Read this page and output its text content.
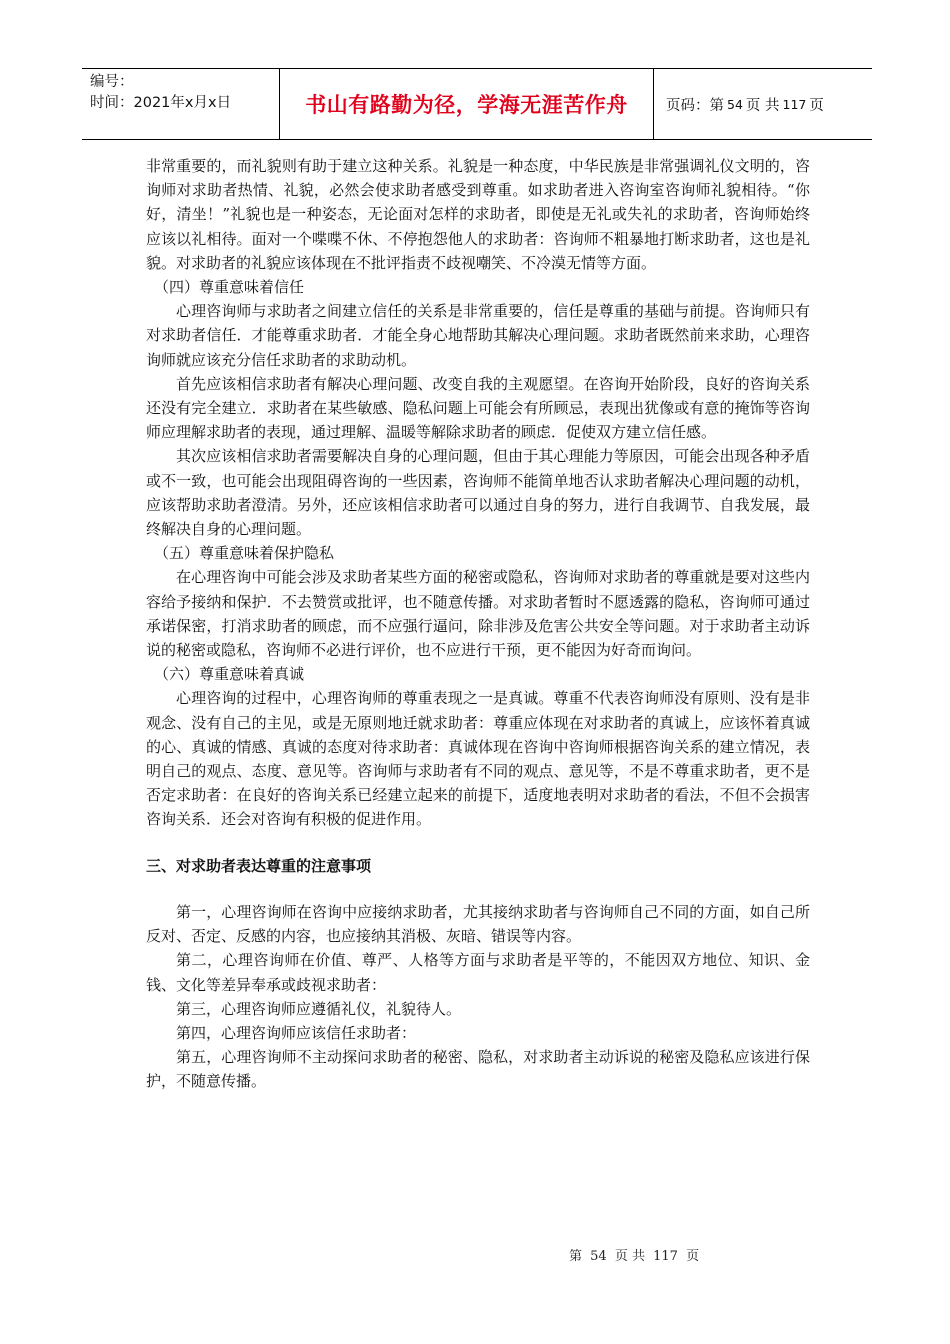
编号：
时间：2021年x月x日	书山有路勤为径，学海无涯苦作舟	页码：第 54 页 共 117 页

非常重要的，而礼貌则有助于建立这种关系。礼貌是一种态度，中华民族是非常强调礼仪文明的，咨询师对求助者热情、礼貌，必然会使求助者感受到尊重。如求助者进入咨询室咨询师礼貌相待。“你好，清坐！”礼貌也是一种姿态，无论面对怎样的求助者，即使是无礼或失礼的求助者，咨询师始终应该以礼相待。面对一个喋喋不休、不停抱怨他人的求助者：咨询师不粗暴地打断求助者，这也是礼貌。对求助者的礼貌应该体现在不批评指责不歧视嘲笑、不冷漠无情等方面。

（四）尊重意味着信任

心理咨询师与求助者之间建立信任的关系是非常重要的，信任是尊重的基础与前提。咨询师只有对求助者信任．才能尊重求助者．才能全身心地帮助其解决心理问题。求助者既然前来求助，心理咨询师就应该充分信任求助者的求助动机。

首先应该相信求助者有解决心理问题、改变自我的主观愿望。在咨询开始阶段，良好的咨询关系还没有完全建立．求助者在某些敏感、隐私问题上可能会有所顾忌，表现出犹像或有意的掩饰等咨询师应理解求助者的表现，通过理解、温暖等解除求助者的顾虑．促使双方建立信任感。

其次应该相信求助者需要解决自身的心理问题，但由于其心理能力等原因，可能会出现各种矛盾或不一致，也可能会出现阻碍咨询的一些因素，咨询师不能简单地否认求助者解决心理问题的动机，应该帮助求助者澄清。另外，还应该相信求助者可以通过自身的努力，进行自我调节、自我发展，最终解决自身的心理问题。

（五）尊重意味着保护隐私

在心理咨询中可能会涉及求助者某些方面的秘密或隐私，咨询师对求助者的尊重就是要对这些内容给予接纳和保护．不去赞赏或批评，也不随意传播。对求助者暂时不愿透露的隐私，咨询师可通过承诺保密，打消求助者的顾虑，而不应强行逼问，除非涉及危害公共安全等问题。对于求助者主动诉说的秘密或隐私，咨询师不必进行评价，也不应进行干预，更不能因为好奇而询问。

（六）尊重意味着真诚

心理咨询的过程中，心理咨询师的尊重表现之一是真诚。尊重不代表咨询师没有原则、没有是非观念、没有自己的主见，或是无原则地迁就求助者：尊重应体现在对求助者的真诚上，应该怀着真诚的心、真诚的情感、真诚的态度对待求助者：真诚体现在咨询中咨询师根据咨询关系的建立情况，表明自己的观点、态度、意见等。咨询师与求助者有不同的观点、意见等，不是不尊重求助者，更不是否定求助者：在良好的咨询关系已经建立起来的前提下，适度地表明对求助者的看法，不但不会损害咨询关系．还会对咨询有积极的促进作用。

三、对求助者表达尊重的注意事项

第一，心理咨询师在咨询中应接纳求助者，尤其接纳求助者与咨询师自己不同的方面，如自己所反对、否定、反感的内容，也应接纳其消极、灰暗、错误等内容。

第二，心理咨询师在价值、尊严、人格等方面与求助者是平等的，不能因双方地位、知识、金钱、文化等差异奉承或歧视求助者：

第三，心理咨询师应遵循礼仪，礼貌待人。

第四，心理咨询师应该信任求助者：

第五，心理咨询师不主动探问求助者的秘密、隐私，对求助者主动诉说的秘密及隐私应该进行保护，不随意传播。

第 54 页 共 117 页
